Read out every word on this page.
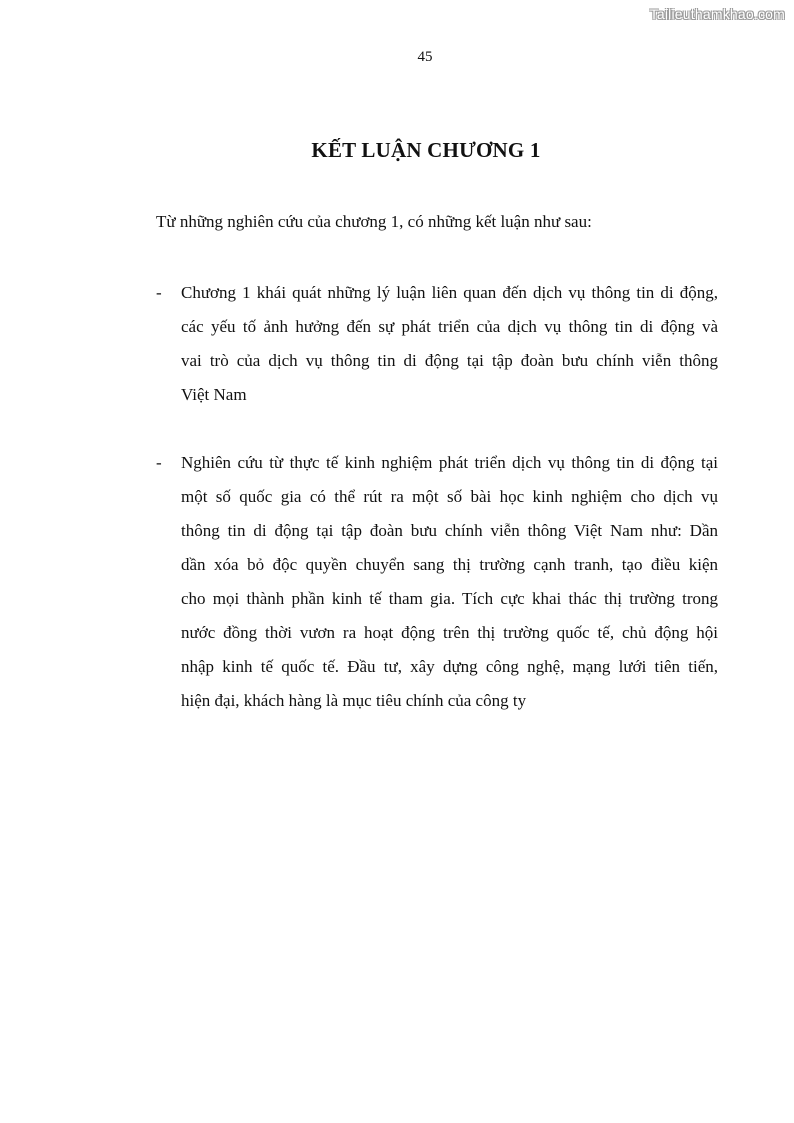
Tailieuthamkhao.com
45
KẾT LUẬN CHƯƠNG 1

Từ những nghiên cứu của chương 1, có những kết luận như sau:

- Chương 1 khái quát những lý luận liên quan đến dịch vụ thông tin di động,
các yếu tố ảnh hưởng đến sự phát triển của dịch vụ thông tin di động và
vai trò của dịch vụ thông tin di động tại tập đoàn bưu chính viễn thông
Việt Nam

- Nghiên cứu từ thực tế kinh nghiệm phát triển dịch vụ thông tin di động tại
một số quốc gia có thể rút ra một số bài học kinh nghiệm cho dịch vụ
thông tin di động tại tập đoàn bưu chính viễn thông Việt Nam như: Dần
dần xóa bỏ độc quyền chuyển sang thị trường cạnh tranh, tạo điều kiện
cho mọi thành phần kinh tế tham gia. Tích cực khai thác thị trường trong
nước đồng thời vươn ra hoạt động trên thị trường quốc tế, chủ động hội
nhập kinh tế quốc tế. Đầu tư, xây dựng công nghệ, mạng lưới tiên tiến,
hiện đại, khách hàng là mục tiêu chính của công ty
